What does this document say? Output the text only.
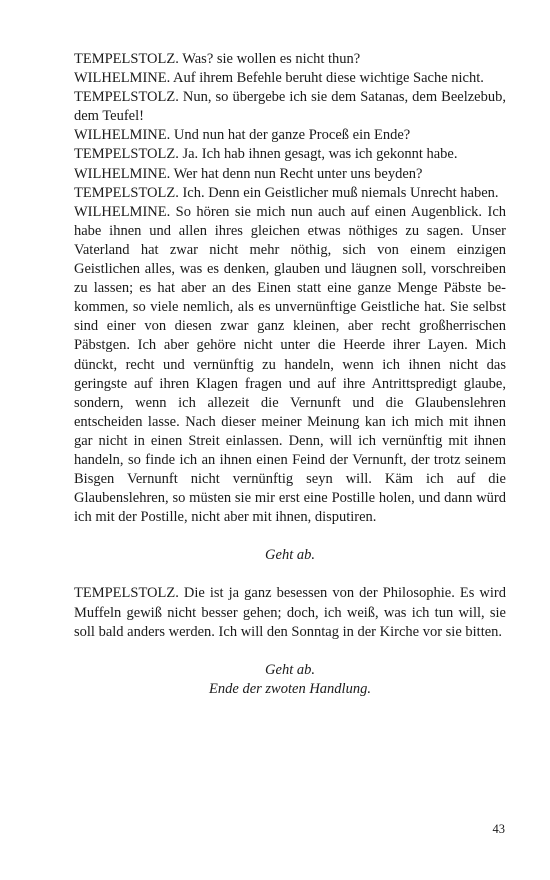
TEMPELSTOLZ. Was? sie wollen es nicht thun?

WILHELMINE. Auf ihrem Befehle beruht diese wichtige Sache nicht.

TEMPELSTOLZ. Nun, so übergebe ich sie dem Satanas, dem Beelzebub, dem Teufel!

WILHELMINE. Und nun hat der ganze Proceß ein Ende?

TEMPELSTOLZ. Ja. Ich hab ihnen gesagt, was ich gekonnt habe.

WILHELMINE. Wer hat denn nun Recht unter uns beyden?

TEMPELSTOLZ. Ich. Denn ein Geistlicher muß niemals Unrecht haben.

WILHELMINE. So hören sie mich nun auch auf einen Augenblick. Ich habe ihnen und allen ihres gleichen etwas nöthiges zu sagen. Unser Vaterland hat zwar nicht mehr nöthig, sich von einem einzigen Geistlichen alles, was es denken, glauben und läugnen soll, vorschreiben zu lassen; es hat aber an des Einen statt eine ganze Menge Päbste bekommen, so viele nemlich, als es unvernünftige Geistliche hat. Sie selbst sind einer von diesen zwar ganz kleinen, aber recht großherrischen Päbstgen. Ich aber gehöre nicht unter die Heerde ihrer Layen. Mich dünckt, recht und vernünftig zu handeln, wenn ich ihnen nicht das geringste auf ihren Klagen fragen und auf ihre Antrittspredigt glaube, sondern, wenn ich allezeit die Vernunft und die Glaubenslehren entscheiden lasse. Nach dieser meiner Meinung kan ich mich mit ihnen gar nicht in einen Streit einlassen. Denn, will ich vernünftig mit ihnen handeln, so finde ich an ihnen einen Feind der Vernunft, der trotz seinem Bisgen Vernunft nicht vernünftig seyn will. Käm ich auf die Glaubenslehren, so müsten sie mir erst eine Postille holen, und dann würd ich mit der Postille, nicht aber mit ihnen, disputiren.

Geht ab.

TEMPELSTOLZ. Die ist ja ganz besessen von der Philosophie. Es wird Muffeln gewiß nicht besser gehen; doch, ich weiß, was ich tun will, sie soll bald anders werden. Ich will den Sonntag in der Kirche vor sie bitten.

Geht ab.

Ende der zwoten Handlung.

43
